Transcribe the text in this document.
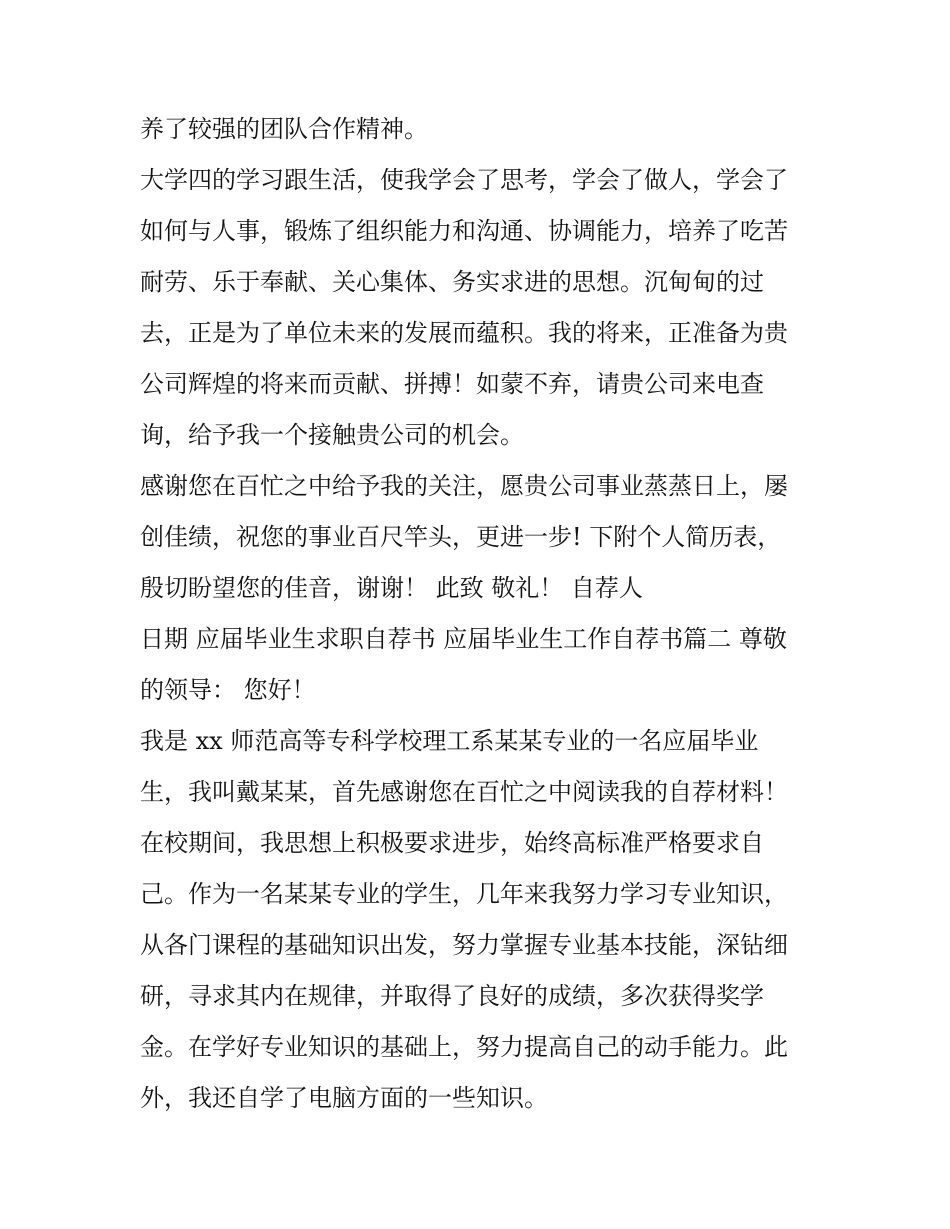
养了较强的团队合作精神。
大学四的学习跟生活，使我学会了思考，学会了做人，学会了
如何与人事，锻炼了组织能力和沟通、协调能力，培养了吃苦
耐劳、乐于奉献、关心集体、务实求进的思想。沉甸甸的过
去，正是为了单位未来的发展而蕴积。我的将来，正准备为贵
公司辉煌的将来而贡献、拼搏！如蒙不弃，请贵公司来电查
询，给予我一个接触贵公司的机会。
感谢您在百忙之中给予我的关注，愿贵公司事业蒸蒸日上，屡
创佳绩，祝您的事业百尺竿头，更进一步! 下附个人简历表，
殷切盼望您的佳音，谢谢！ 此致 敬礼！ 自荐人
日期 应届毕业生求职自荐书 应届毕业生工作自荐书篇二 尊敬
的领导： 您好！
我是 xx 师范高等专科学校理工系某某专业的一名应届毕业
生，我叫戴某某，首先感谢您在百忙之中阅读我的自荐材料！
在校期间，我思想上积极要求进步，始终高标准严格要求自
己。作为一名某某专业的学生，几年来我努力学习专业知识，
从各门课程的基础知识出发，努力掌握专业基本技能，深钻细
研，寻求其内在规律，并取得了良好的成绩，多次获得奖学
金。在学好专业知识的基础上，努力提高自己的动手能力。此
外，我还自学了电脑方面的一些知识。
